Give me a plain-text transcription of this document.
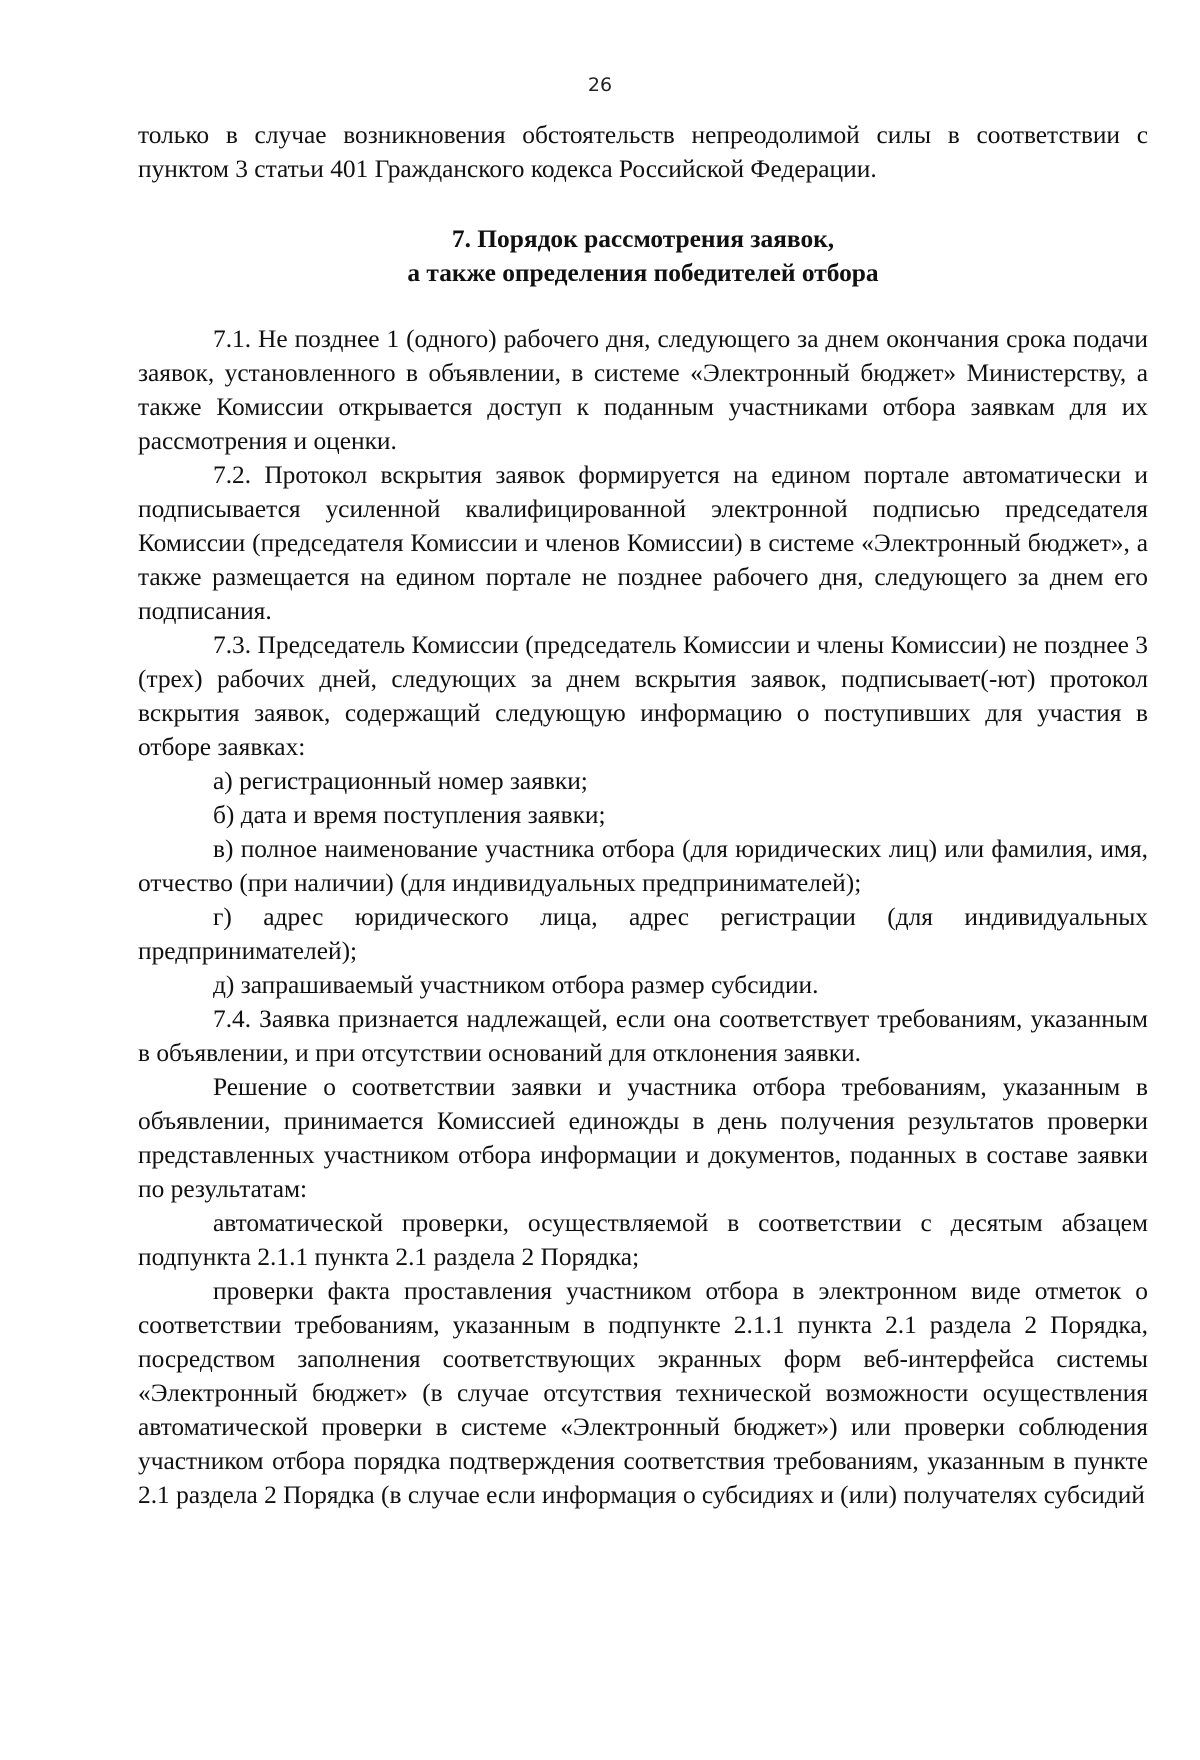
26

только в случае возникновения обстоятельств непреодолимой силы в соответствии с пунктом 3 статьи 401 Гражданского кодекса Российской Федерации.

7. Порядок рассмотрения заявок,
а также определения победителей отбора

7.1. Не позднее 1 (одного) рабочего дня, следующего за днем окончания срока подачи заявок, установленного в объявлении, в системе «Электронный бюджет» Министерству, а также Комиссии открывается доступ к поданным участниками отбора заявкам для их рассмотрения и оценки.

7.2. Протокол вскрытия заявок формируется на едином портале автоматически и подписывается усиленной квалифицированной электронной подписью председателя Комиссии (председателя Комиссии и членов Комиссии) в системе «Электронный бюджет», а также размещается на едином портале не позднее рабочего дня, следующего за днем его подписания.

7.3. Председатель Комиссии (председатель Комиссии и члены Комиссии) не позднее 3 (трех) рабочих дней, следующих за днем вскрытия заявок, подписывает(-ют) протокол вскрытия заявок, содержащий следующую информацию о поступивших для участия в отборе заявках:

а) регистрационный номер заявки;

б) дата и время поступления заявки;

в) полное наименование участника отбора (для юридических лиц) или фамилия, имя, отчество (при наличии) (для индивидуальных предпринимателей);

г) адрес юридического лица, адрес регистрации (для индивидуальных предпринимателей);

д) запрашиваемый участником отбора размер субсидии.

7.4. Заявка признается надлежащей, если она соответствует требованиям, указанным в объявлении, и при отсутствии оснований для отклонения заявки.

Решение о соответствии заявки и участника отбора требованиям, указанным в объявлении, принимается Комиссией единожды в день получения результатов проверки представленных участником отбора информации и документов, поданных в составе заявки по результатам:

автоматической проверки, осуществляемой в соответствии с десятым абзацем подпункта 2.1.1 пункта 2.1 раздела 2 Порядка;

проверки факта проставления участником отбора в электронном виде отметок о соответствии требованиям, указанным в подпункте 2.1.1 пункта 2.1 раздела 2 Порядка, посредством заполнения соответствующих экранных форм веб-интерфейса системы «Электронный бюджет» (в случае отсутствия технической возможности осуществления автоматической проверки в системе «Электронный бюджет») или проверки соблюдения участником отбора порядка подтверждения соответствия требованиям, указанным в пункте 2.1 раздела 2 Порядка (в случае если информация о субсидиях и (или) получателях субсидий
